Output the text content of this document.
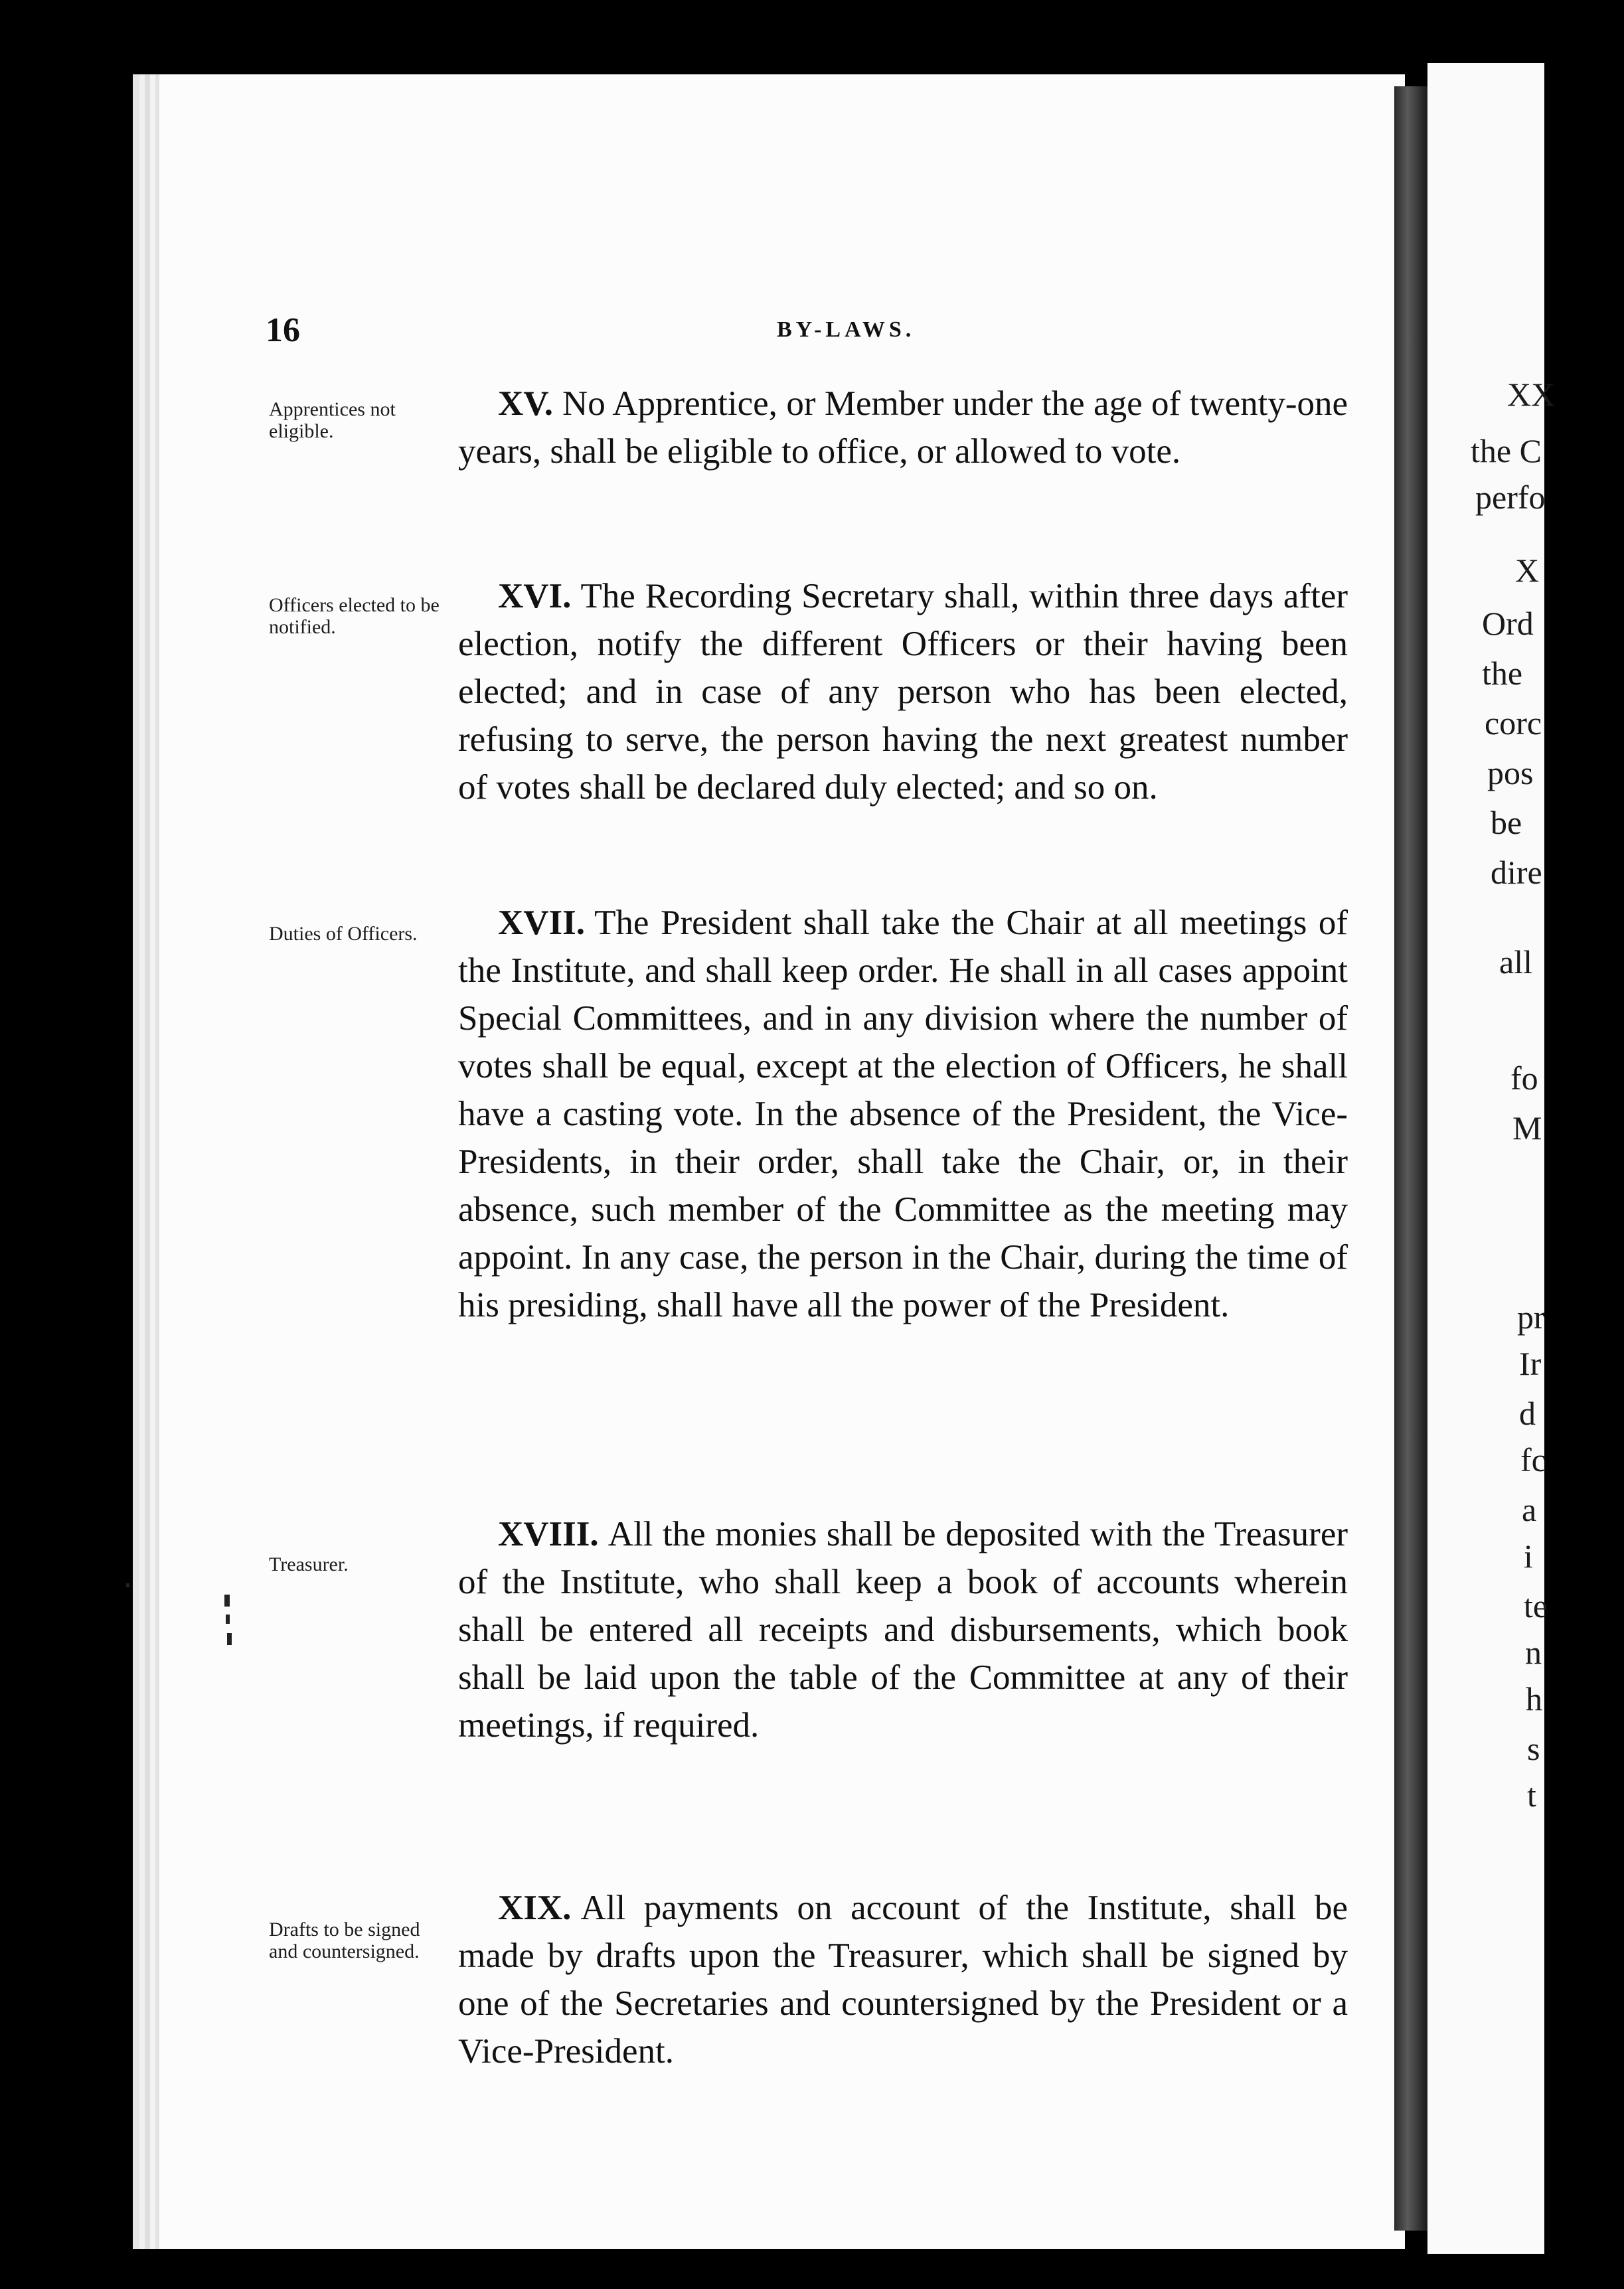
16	BY-LAWS.
Apprentices not eligible.
XV. No Apprentice, or Member under the age of twenty-one years, shall be eligible to office, or allowed to vote.
Officers elected to be notified.
XVI. The Recording Secretary shall, within three days after election, notify the different Officers or their having been elected; and in case of any person who has been elected, refusing to serve, the person having the next greatest number of votes shall be declared duly elected; and so on.
Duties of Officers.	XVII. The President shall take the Chair at all meetings of the Institute, and shall keep order. He shall in all cases appoint Special Committees, and in any division where the number of votes shall be equal, except at the election of Officers, he shall have a casting vote. In the absence of the President, the Vice-Presidents, in their order, shall take the Chair, or, in their absence, such member of the Committee as the meeting may appoint. In any case, the person in the Chair, during the time of his presiding, shall have all the power of the President.
Treasurer.
XVIII. All the monies shall be deposited with the Treasurer of the Institute, who shall keep a book of accounts wherein shall be entered all receipts and disbursements, which book shall be laid upon the table of the Committee at any of their meetings, if required.
Drafts to be signed and countersigned.
XIX. All payments on account of the Institute, shall be made by drafts upon the Treasurer, which shall be signed by one of the Secretaries and countersigned by the President or a Vice-President.
XX
the C
perfo
X
Ord
the
corc
pos
be
dire
all
fo
M
pr
Ir
d
fc
a
i
te
n
h
s
t
